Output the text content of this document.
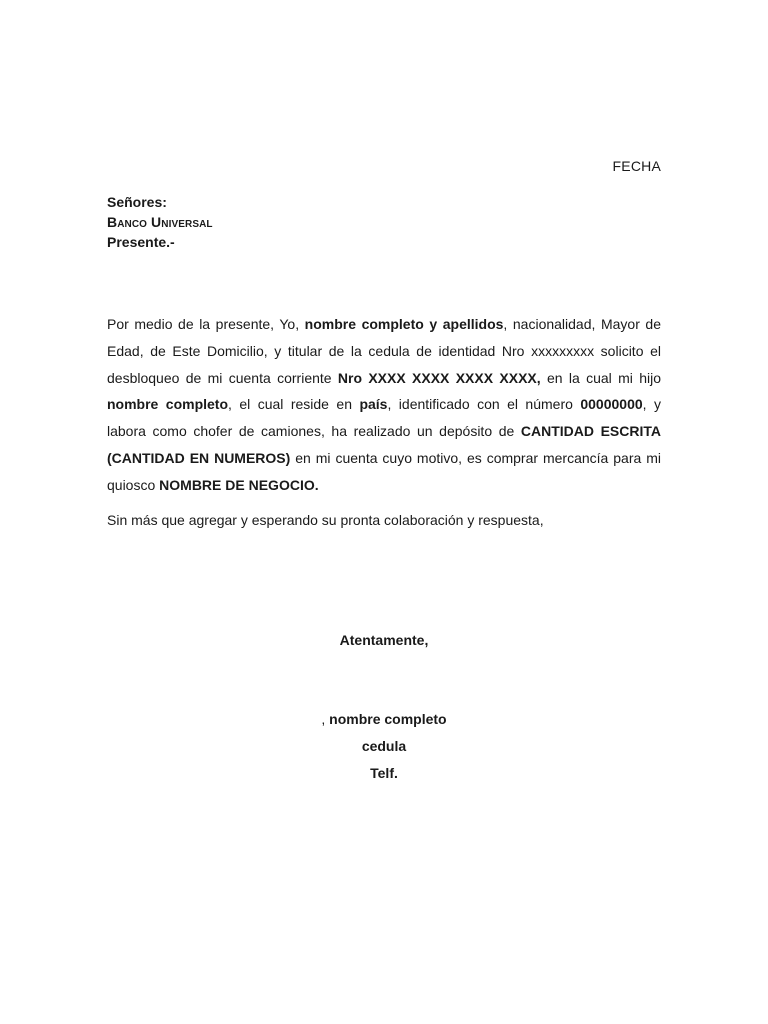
FECHA
Señores:
Banco Universal
Presente.-

Por medio de la presente, Yo, nombre completo y apellidos, nacionalidad, Mayor de Edad, de Este Domicilio, y titular de la cedula de identidad Nro xxxxxxxxx solicito el desbloqueo de mi cuenta corriente Nro XXXX XXXX XXXX XXXX, en la cual mi hijo nombre completo, el cual reside en país, identificado con el número 00000000, y labora como chofer de camiones, ha realizado un depósito de CANTIDAD ESCRITA (CANTIDAD EN NUMEROS) en mi cuenta cuyo motivo, es comprar mercancía para mi quiosco NOMBRE DE NEGOCIO.

Sin más que agregar y esperando su pronta colaboración y respuesta,
Atentamente,
, nombre completo
cedula
Telf.
